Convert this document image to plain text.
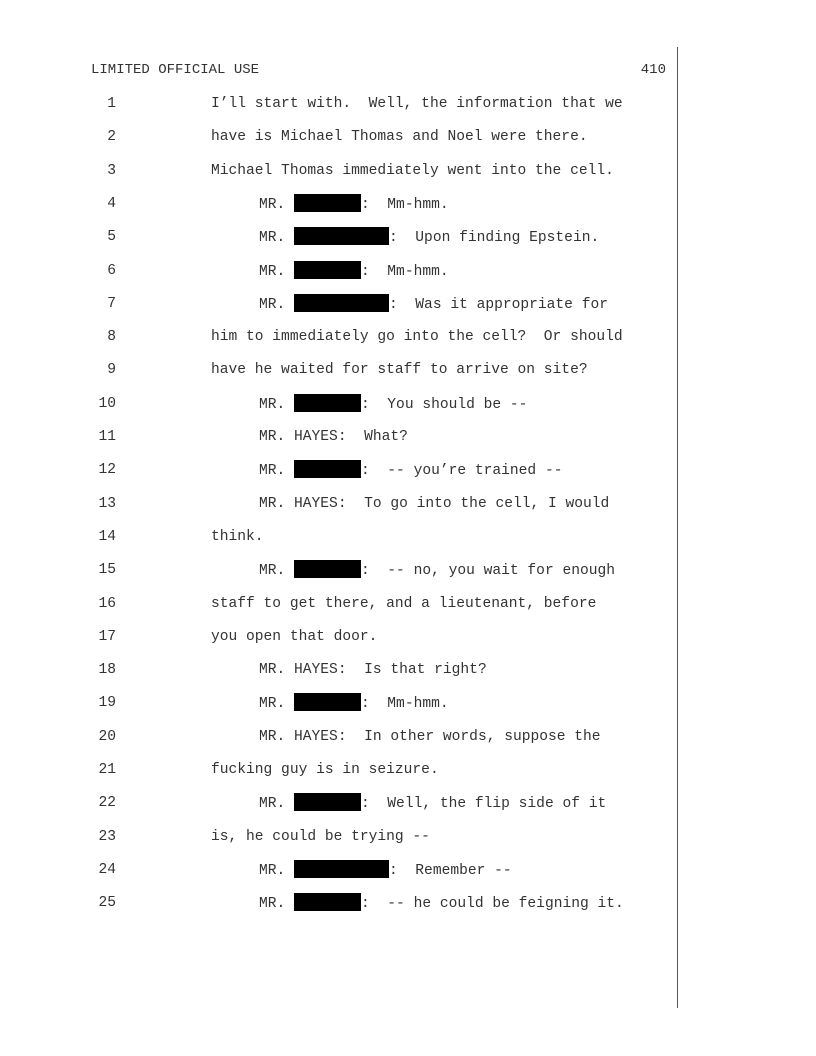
LIMITED OFFICIAL USE	410
1	I’ll start with.  Well, the information that we
2	have is Michael Thomas and Noel were there.
3	Michael Thomas immediately went into the cell.
4	MR.	:  Mm-hmm.
5	MR.	:  Upon finding Epstein.
6	MR.	:  Mm-hmm.
7	MR.	:  Was it appropriate for
8	him to immediately go into the cell?  Or should
9	have he waited for staff to arrive on site?
10	MR.	:  You should be --
11	MR. HAYES:  What?
12	MR.	:  -- you’re trained --
13	MR. HAYES:  To go into the cell, I would
14	think.
15	MR.	:  -- no, you wait for enough
16	staff to get there, and a lieutenant, before
17	you open that door.
18	MR. HAYES:  Is that right?
19	MR.	:  Mm-hmm.
20	MR. HAYES:  In other words, suppose the
21	fucking guy is in seizure.
22	MR.	:  Well, the flip side of it
23	is, he could be trying --
24	MR.	:  Remember --
25	MR.	:  -- he could be feigning it.
